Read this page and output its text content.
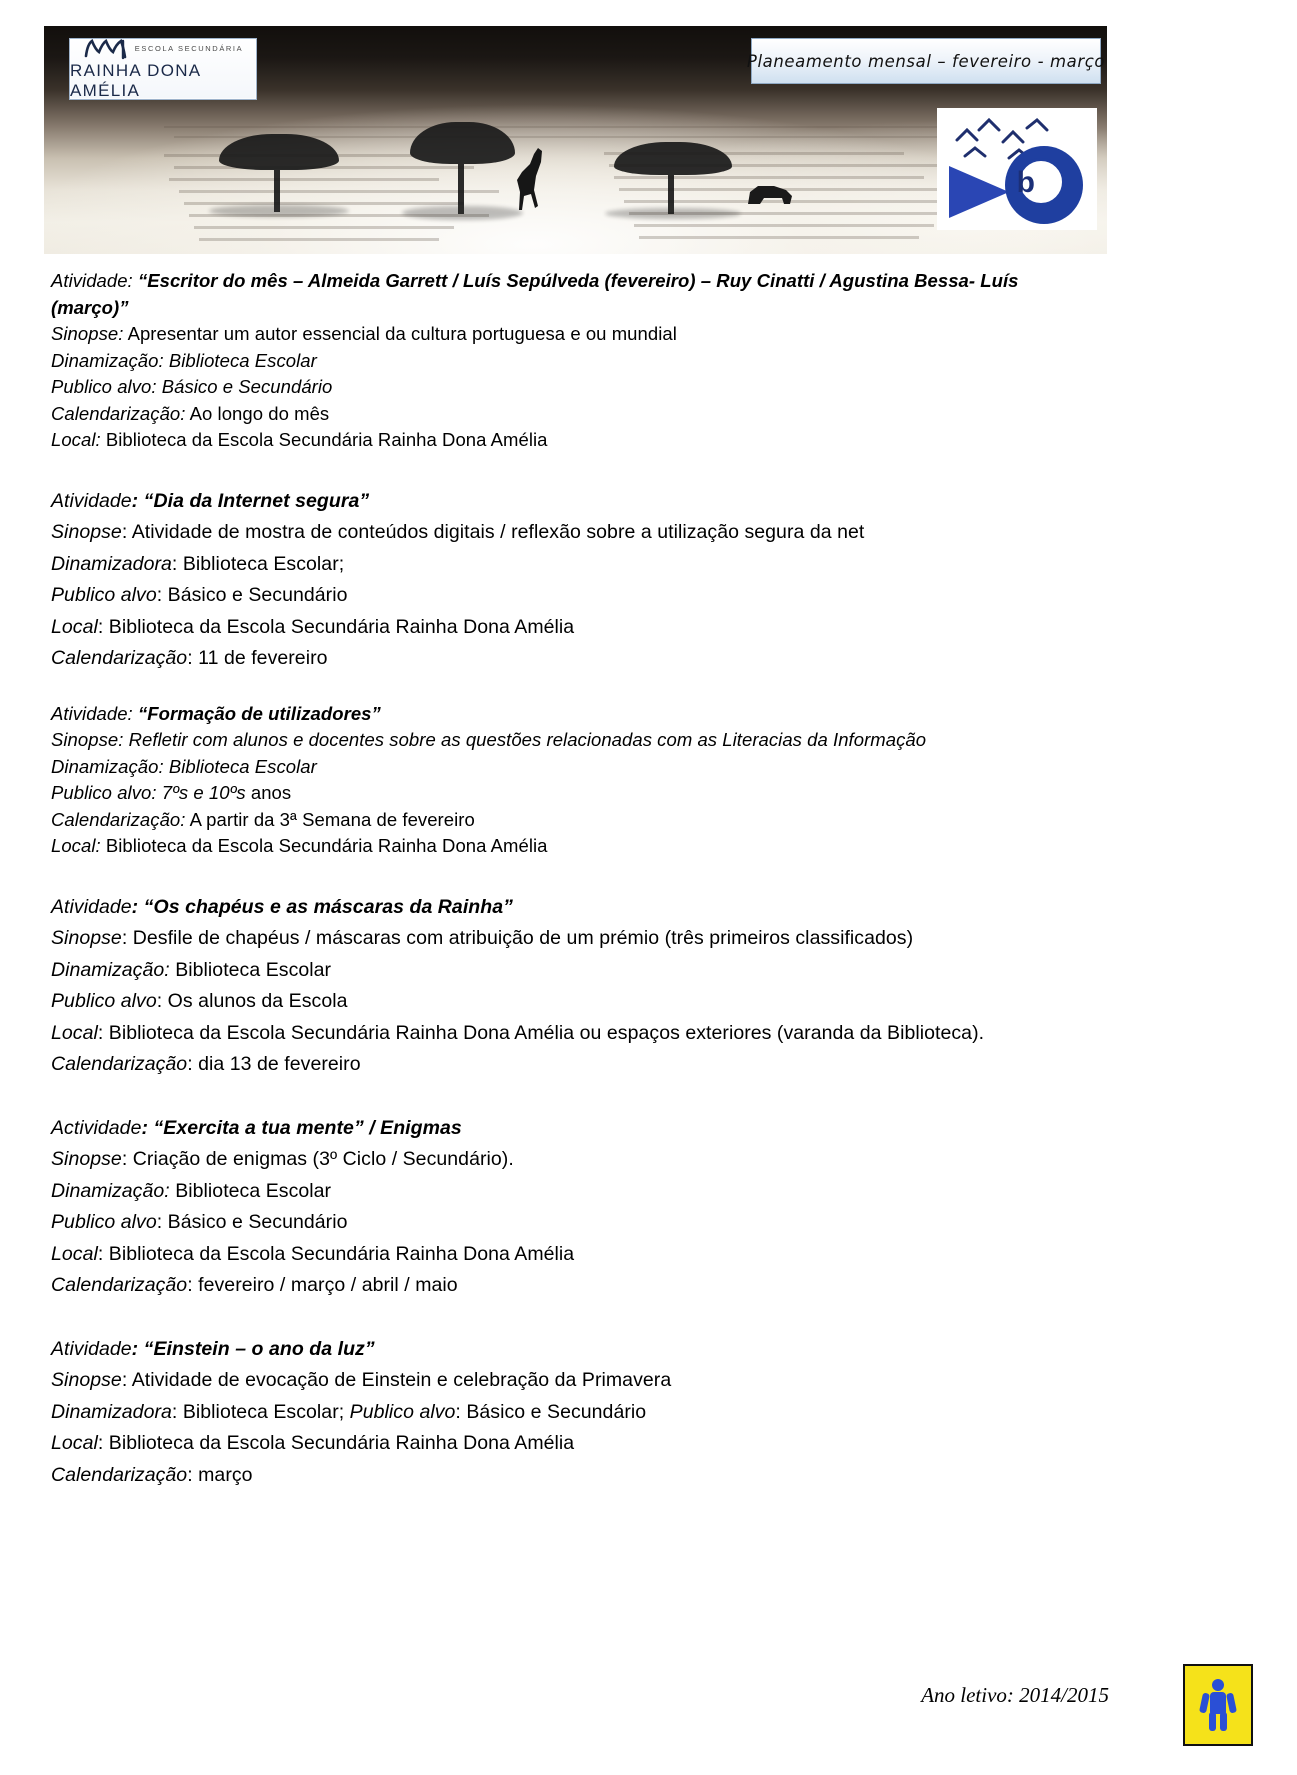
ESCOLA SECUNDÁRIA
RAINHA DONA AMÉLIA
Planeamento mensal – fevereiro - março
b

Atividade: “Escritor do mês – Almeida Garrett / Luís Sepúlveda (fevereiro) – Ruy Cinatti / Agustina Bessa- Luís (março)”

Sinopse: Apresentar um autor essencial da cultura portuguesa e ou mundial

Dinamização: Biblioteca Escolar

Publico alvo: Básico e Secundário

Calendarização: Ao longo do mês

Local: Biblioteca da Escola Secundária Rainha Dona Amélia

Atividade: “Dia da Internet segura”

Sinopse: Atividade de mostra de conteúdos digitais / reflexão sobre a utilização segura da net

Dinamizadora: Biblioteca Escolar;

Publico alvo: Básico e Secundário

Local: Biblioteca da Escola Secundária Rainha Dona Amélia

Calendarização: 11 de fevereiro

Atividade: “Formação de utilizadores”

Sinopse: Refletir com alunos e docentes sobre as questões relacionadas com as Literacias da Informação

Dinamização: Biblioteca Escolar

Publico alvo: 7ºs e 10ºs anos

Calendarização: A partir da 3ª Semana de fevereiro

Local: Biblioteca da Escola Secundária Rainha Dona Amélia

Atividade: “Os chapéus e as máscaras da Rainha”

Sinopse: Desfile de chapéus / máscaras com atribuição de um prémio (três primeiros classificados)

Dinamização: Biblioteca Escolar

Publico alvo: Os alunos da Escola

Local: Biblioteca da Escola Secundária Rainha Dona Amélia ou espaços exteriores (varanda da Biblioteca).

Calendarização: dia 13 de fevereiro

Actividade: “Exercita a tua mente” / Enigmas

Sinopse: Criação de enigmas (3º Ciclo / Secundário).

Dinamização: Biblioteca Escolar

Publico alvo: Básico e Secundário

Local: Biblioteca da Escola Secundária Rainha Dona Amélia

Calendarização: fevereiro / março / abril / maio

Atividade: “Einstein – o ano da luz”

Sinopse: Atividade de evocação de Einstein e celebração da Primavera

Dinamizadora: Biblioteca Escolar; Publico alvo: Básico e Secundário

Local: Biblioteca da Escola Secundária Rainha Dona Amélia

Calendarização: março

Ano letivo: 2014/2015
